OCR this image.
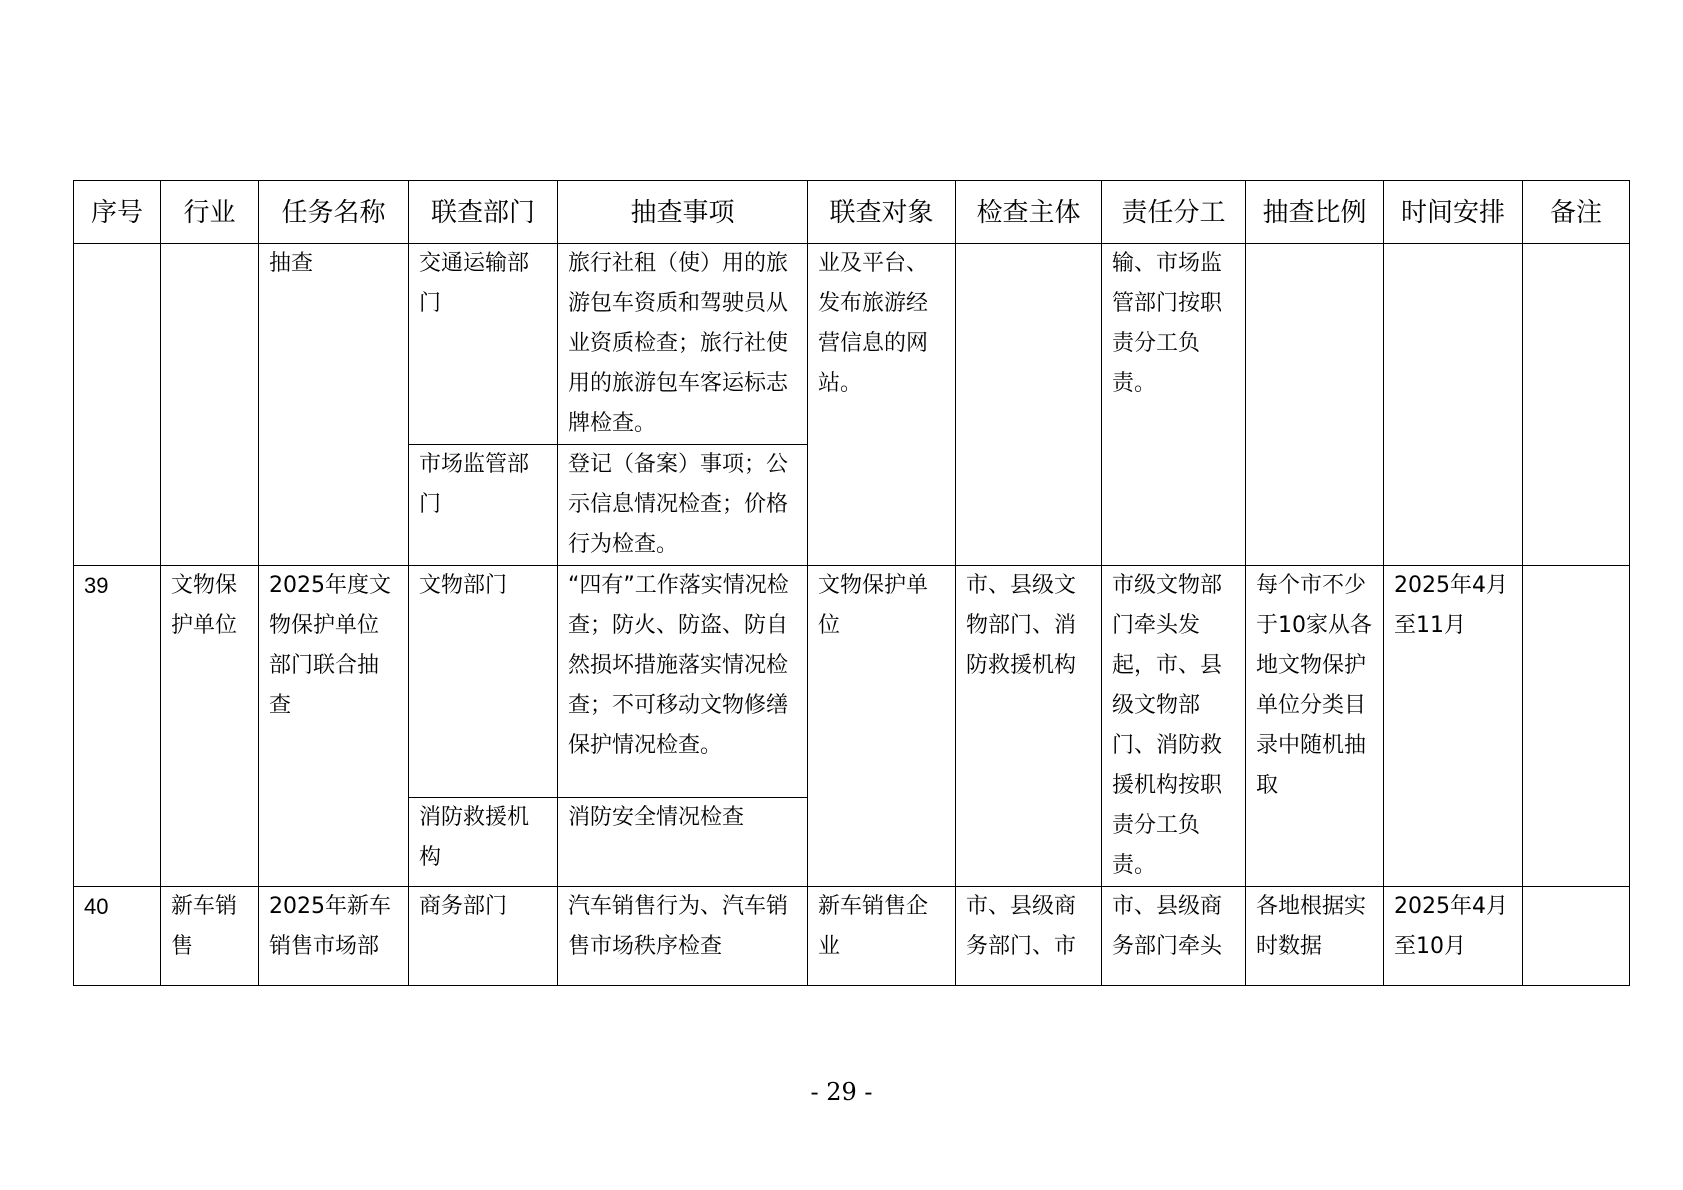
序号	行业	任务名称	联查部门	抽查事项	联查对象	检查主体	责任分工	抽查比例	时间安排	备注
		抽查	交通运输部门	旅行社租（使）用的旅游包车资质和驾驶员从业资质检查；旅行社使用的旅游包车客运标志牌检查。	业及平台、发布旅游经营信息的网站。		输、市场监管部门按职责分工负责。			
			市场监管部门	登记（备案）事项；公示信息情况检查；价格行为检查。						
39	文物保护单位	2025年度文物保护单位部门联合抽查	文物部门	“四有”工作落实情况检查；防火、防盗、防自然损坏措施落实情况检查；不可移动文物修缮保护情况检查。	文物保护单位	市、县级文物部门、消防救援机构	市级文物部门牵头发起，市、县级文物部门、消防救援机构按职责分工负责。	每个市不少于10家从各地文物保护单位分类目录中随机抽取	2025年4月至11月	
			消防救援机构	消防安全情况检查						
40	新车销售	2025年新车销售市场部	商务部门	汽车销售行为、汽车销售市场秩序检查	新车销售企业	市、县级商务部门、市	市、县级商务部门牵头	各地根据实时数据	2025年4月至10月	
- 29 -
